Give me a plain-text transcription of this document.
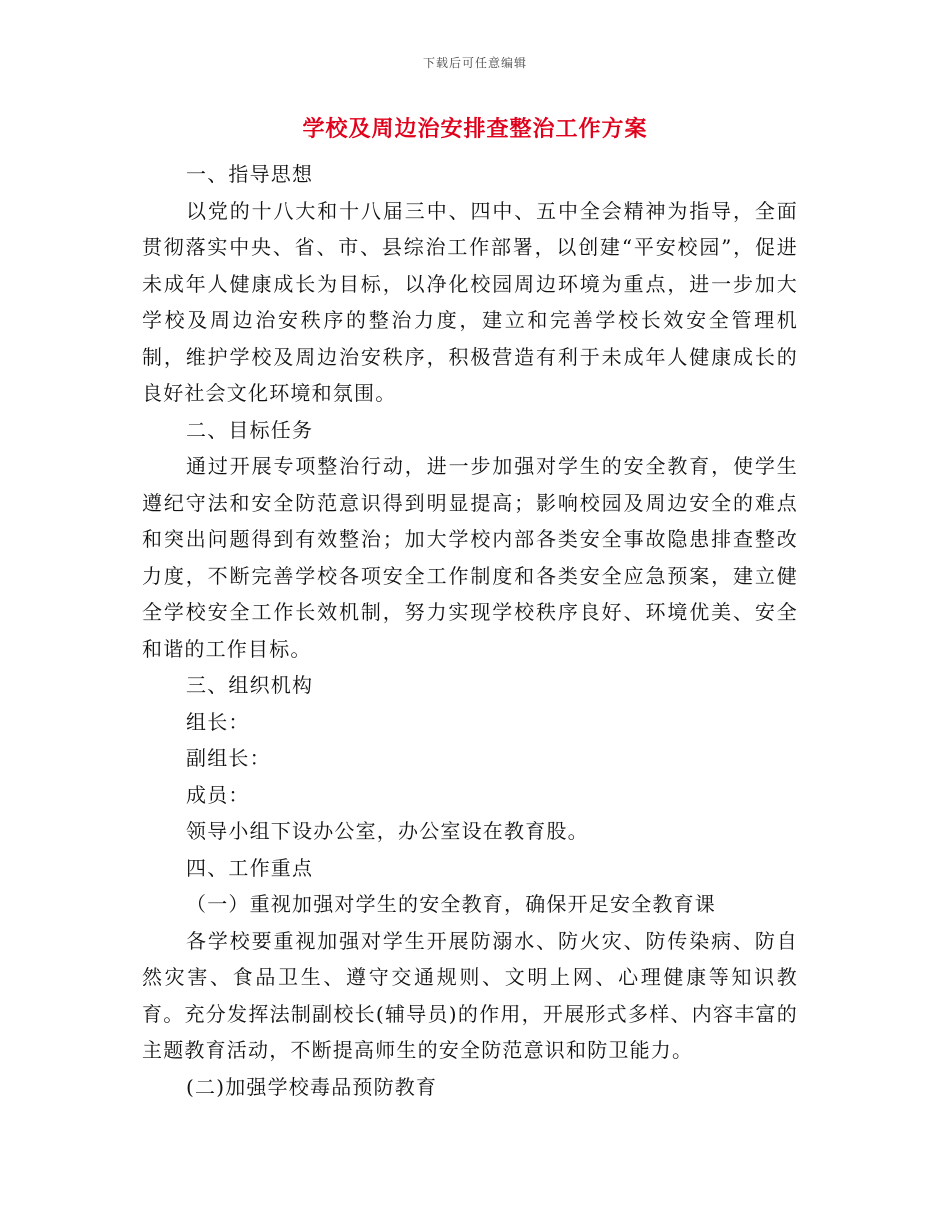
下载后可任意编辑
学校及周边治安排查整治工作方案

一、指导思想

以党的十八大和十八届三中、四中、五中全会精神为指导，全面贯彻落实中央、省、市、县综治工作部署，以创建“平安校园”，促进未成年人健康成长为目标，以净化校园周边环境为重点，进一步加大学校及周边治安秩序的整治力度，建立和完善学校长效安全管理机制，维护学校及周边治安秩序，积极营造有利于未成年人健康成长的良好社会文化环境和氛围。

二、目标任务

通过开展专项整治行动，进一步加强对学生的安全教育，使学生遵纪守法和安全防范意识得到明显提高；影响校园及周边安全的难点和突出问题得到有效整治；加大学校内部各类安全事故隐患排查整改力度，不断完善学校各项安全工作制度和各类安全应急预案，建立健全学校安全工作长效机制，努力实现学校秩序良好、环境优美、安全和谐的工作目标。

三、组织机构

组长：

副组长：

成员：

领导小组下设办公室，办公室设在教育股。

四、工作重点

（一）重视加强对学生的安全教育，确保开足安全教育课

各学校要重视加强对学生开展防溺水、防火灾、防传染病、防自然灾害、食品卫生、遵守交通规则、文明上网、心理健康等知识教育。充分发挥法制副校长(辅导员)的作用，开展形式多样、内容丰富的主题教育活动，不断提高师生的安全防范意识和防卫能力。

(二)加强学校毒品预防教育
